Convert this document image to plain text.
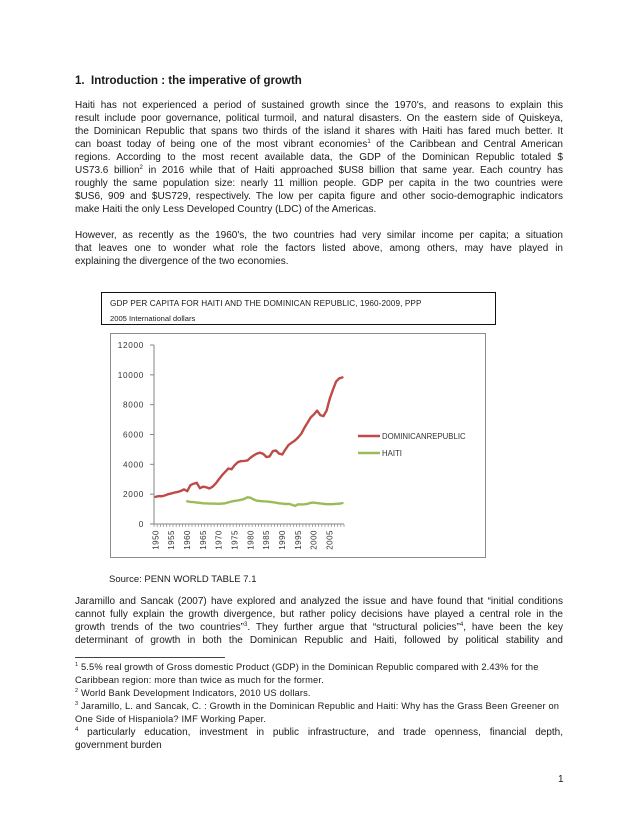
1. Introduction : the imperative of growth
Haiti has not experienced a period of sustained growth since the 1970's, and reasons to explain this
result include poor governance, political turmoil, and natural disasters. On the eastern side of Quiskeya,
the Dominican Republic that spans two thirds of the island it shares with Haiti has fared much better. It
can boast today of being one of the most vibrant economies$^1$ of the Caribbean and Central American
regions. According to the most recent available data, the GDP of the Dominican Republic totaled $
US73.6 billion$^2$ in 2016 while that of Haiti approached $US8 billion that same year. Each country has
roughly the same population size: nearly 11 million people. GDP per capita in the two countries were
$US6, 909 and $US729, respectively. The low per capita figure and other socio-demographic indicators
make Haiti the only Less Developed Country (LDC) of the Americas.
However, as recently as the 1960's, the two countries had very similar income per capita; a situation
that leaves one to wonder what role the factors listed above, among others, may have played in
explaining the divergence of the two economies.
GDP PER CAPITA FOR HAITI AND THE DOMINICAN REPUBLIC, 1960-2009, PPP
2005 International dollars
0
2000
4000
6000
8000
10000
12000
1950 1955 1960 1965 1970 1975 1980 1985 1990 1995 2000 2005
DOMINICANREPUBLIC
HAITI
Source: PENN WORLD TABLE 7.1
Jaramillo and Sancak (2007) have explored and analyzed the issue and have found that “initial conditions
cannot fully explain the growth divergence, but rather policy decisions have played a central role in the
growth trends of the two countries”$^3$. They further argue that “structural policies”$^4$, have been the key
determinant of growth in both the Dominican Republic and Haiti, followed by political stability and
$^1$ 5.5% real growth of Gross domestic Product (GDP) in the Dominican Republic compared with 2.43% for the
Caribbean region: more than twice as much for the former.
$^2$ World Bank Development Indicators, 2010 US dollars.
$^3$ Jaramillo, L. and Sancak, C. : Growth in the Dominican Republic and Haiti: Why has the Grass Been Greener on
One Side of Hispaniola? IMF Working Paper.
$^4$ particularly education, investment in public infrastructure, and trade openness, financial depth,
government burden
1
